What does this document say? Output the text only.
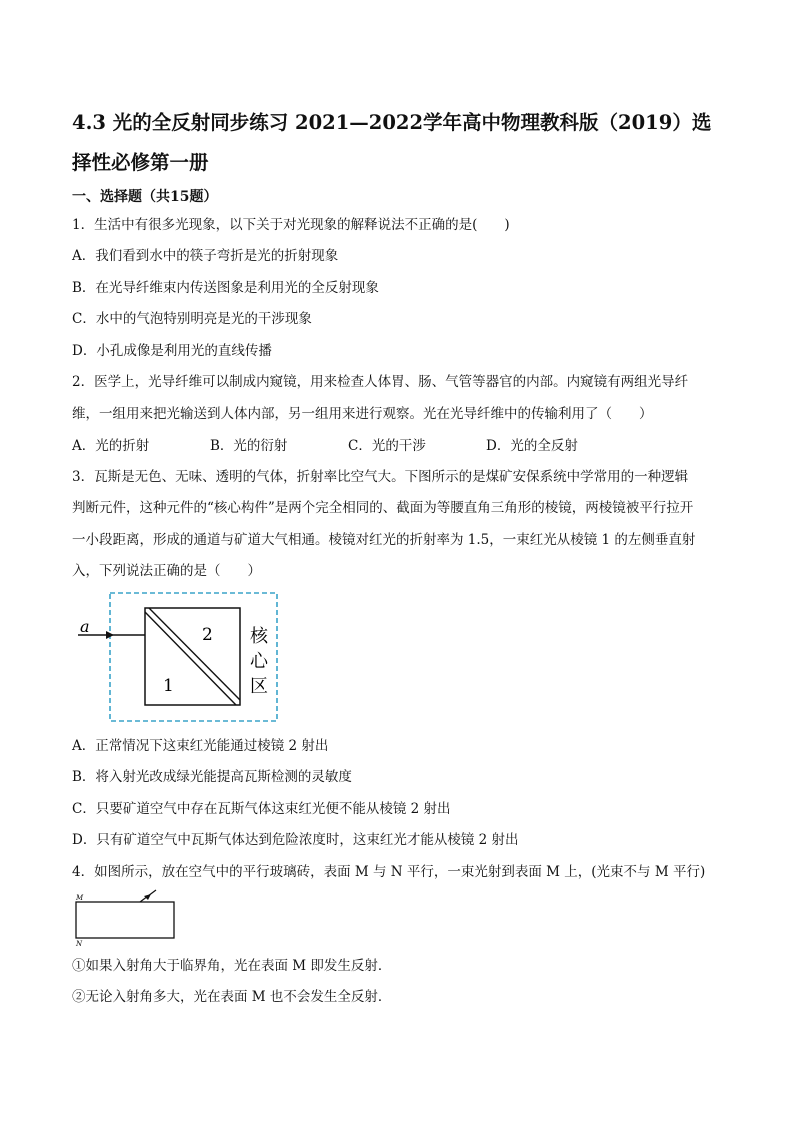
4.3 光的全反射同步练习 2021—2022学年高中物理教科版（2019）选
择性必修第一册
一、选择题（共15题）
1．生活中有很多光现象，以下关于对光现象的解释说法不正确的是(　　)
A．我们看到水中的筷子弯折是光的折射现象
B．在光导纤维束内传送图象是利用光的全反射现象
C．水中的气泡特别明亮是光的干涉现象
D．小孔成像是利用光的直线传播
2．医学上，光导纤维可以制成内窥镜，用来检查人体胃、肠、气管等器官的内部。内窥镜有两组光导纤
维，一组用来把光输送到人体内部，另一组用来进行观察。光在光导纤维中的传输利用了（　　）
A．光的折射	B．光的衍射	C．光的干涉	D．光的全反射
3．瓦斯是无色、无味、透明的气体，折射率比空气大。下图所示的是煤矿安保系统中学常用的一种逻辑
判断元件，这种元件的“核心构件”是两个完全相同的、截面为等腰直角三角形的棱镜，两棱镜被平行拉开
一小段距离，形成的通道与矿道大气相通。棱镜对红光的折射率为 1.5，一束红光从棱镜 1 的左侧垂直射
入，下列说法正确的是（　　）
a	2
1
核
心
区
A．正常情况下这束红光能通过棱镜 2 射出
B．将入射光改成绿光能提高瓦斯检测的灵敏度
C．只要矿道空气中存在瓦斯气体这束红光便不能从棱镜 2 射出
D．只有矿道空气中瓦斯气体达到危险浓度时，这束红光才能从棱镜 2 射出
4．如图所示，放在空气中的平行玻璃砖，表面 M 与 N 平行，一束光射到表面 M 上，(光束不与 M 平行)
M
N
①如果入射角大于临界角，光在表面 M 即发生反射．
②无论入射角多大，光在表面 M 也不会发生全反射．
